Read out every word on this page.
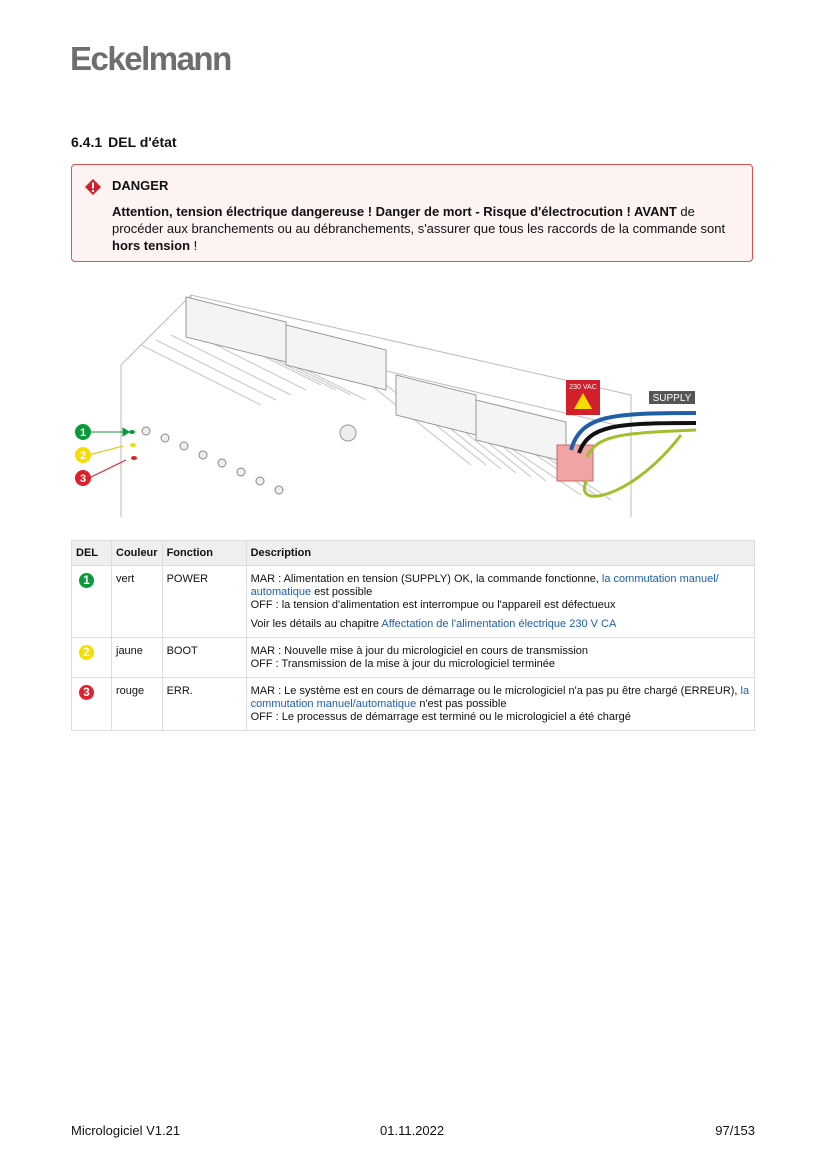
Eckelmann
6.4.1 DEL d'état
DANGER
Attention, tension électrique dangereuse ! Danger de mort - Risque d'électrocution ! AVANT de procéder aux branchements ou au débranchements, s'assurer que tous les raccords de la commande sont hors tension !
1
2
3
230 VAC
SUPPLY
DEL	Couleur	Fonction	Description
1	vert	POWER	MAR : Alimentation en tension (SUPPLY) OK, la commande fonctionne, la commutation manuel/ automatique est possible
OFF : la tension d'alimentation est interrompue ou l'appareil est défectueux
Voir les détails au chapitre Affectation de l'alimentation électrique 230 V CA

2	jaune	BOOT	MAR : Nouvelle mise à jour du micrologiciel en cours de transmission
OFF : Transmission de la mise à jour du micrologiciel terminée
3	rouge	ERR.	MAR : Le système est en cours de démarrage ou le micrologiciel n'a pas pu être chargé (ERREUR), la commutation manuel/automatique n'est pas possible
OFF : Le processus de démarrage est terminé ou le micrologiciel a été chargé
Micrologiciel V1.21	01.11.2022	97/153
